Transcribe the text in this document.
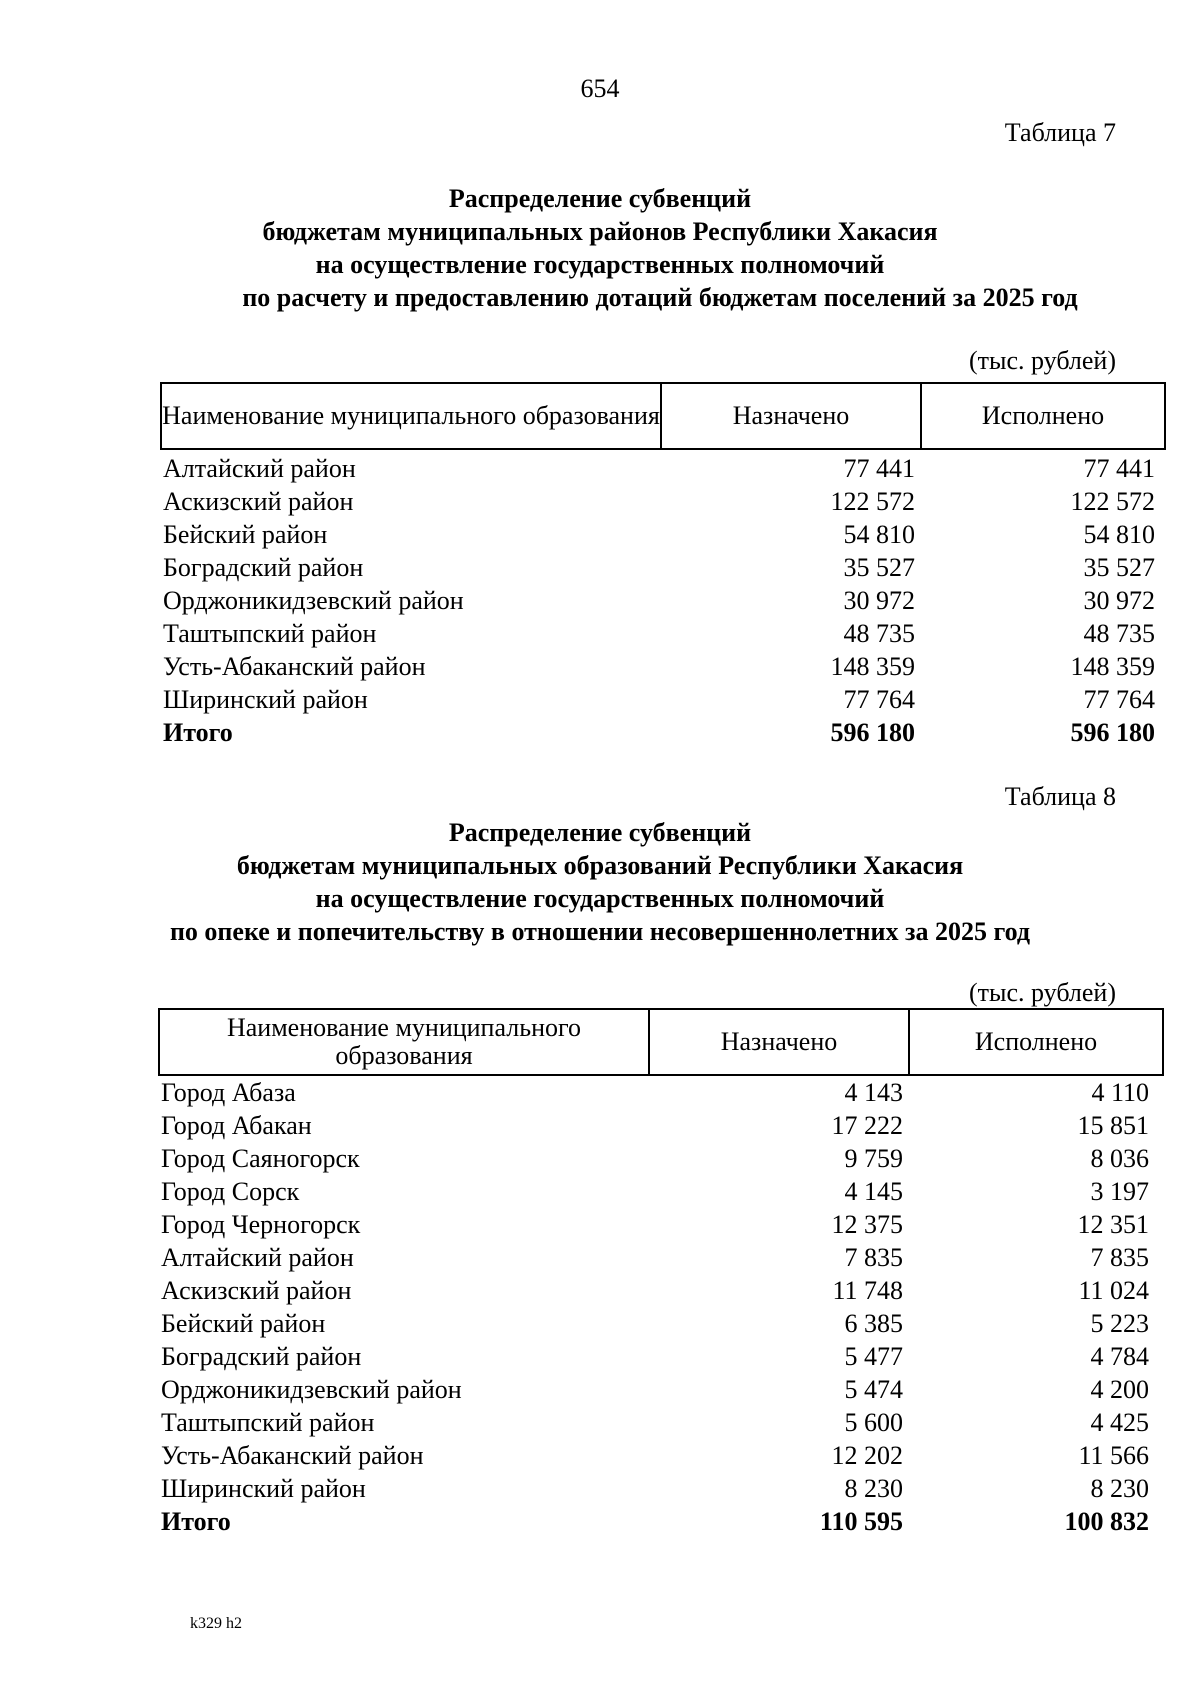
654
Таблица 7
Распределение субвенций
бюджетам муниципальных районов Республики Хакасия
на осуществление государственных полномочий
по расчету и предоставлению дотаций бюджетам поселений за 2025 год
(тыс. рублей)
Наименование муниципального образования	Назначено	Исполнено

Алтайский район	77 441	77 441
Аскизский район	122 572	122 572
Бейский район	54 810	54 810
Боградский район	35 527	35 527
Орджоникидзевский район	30 972	30 972
Таштыпский район	48 735	48 735
Усть-Абаканский район	148 359	148 359
Ширинский район	77 764	77 764
Итого	596 180	596 180
Таблица 8
Распределение субвенций
бюджетам муниципальных образований Республики Хакасия
на осуществление государственных полномочий
по опеке и попечительству в отношении несовершеннолетних за 2025 год
(тыс. рублей)
Наименование муниципального образования	Назначено	Исполнено
Город Абаза	4 143	4 110
Город Абакан	17 222	15 851
Город Саяногорск	9 759	8 036
Город Сорск	4 145	3 197
Город Черногорск	12 375	12 351
Алтайский район	7 835	7 835
Аскизский район	11 748	11 024
Бейский район	6 385	5 223
Боградский район	5 477	4 784
Орджоникидзевский район	5 474	4 200
Таштыпский район	5 600	4 425
Усть-Абаканский район	12 202	11 566
Ширинский район	8 230	8 230
Итого	110 595	100 832
k329 h2
